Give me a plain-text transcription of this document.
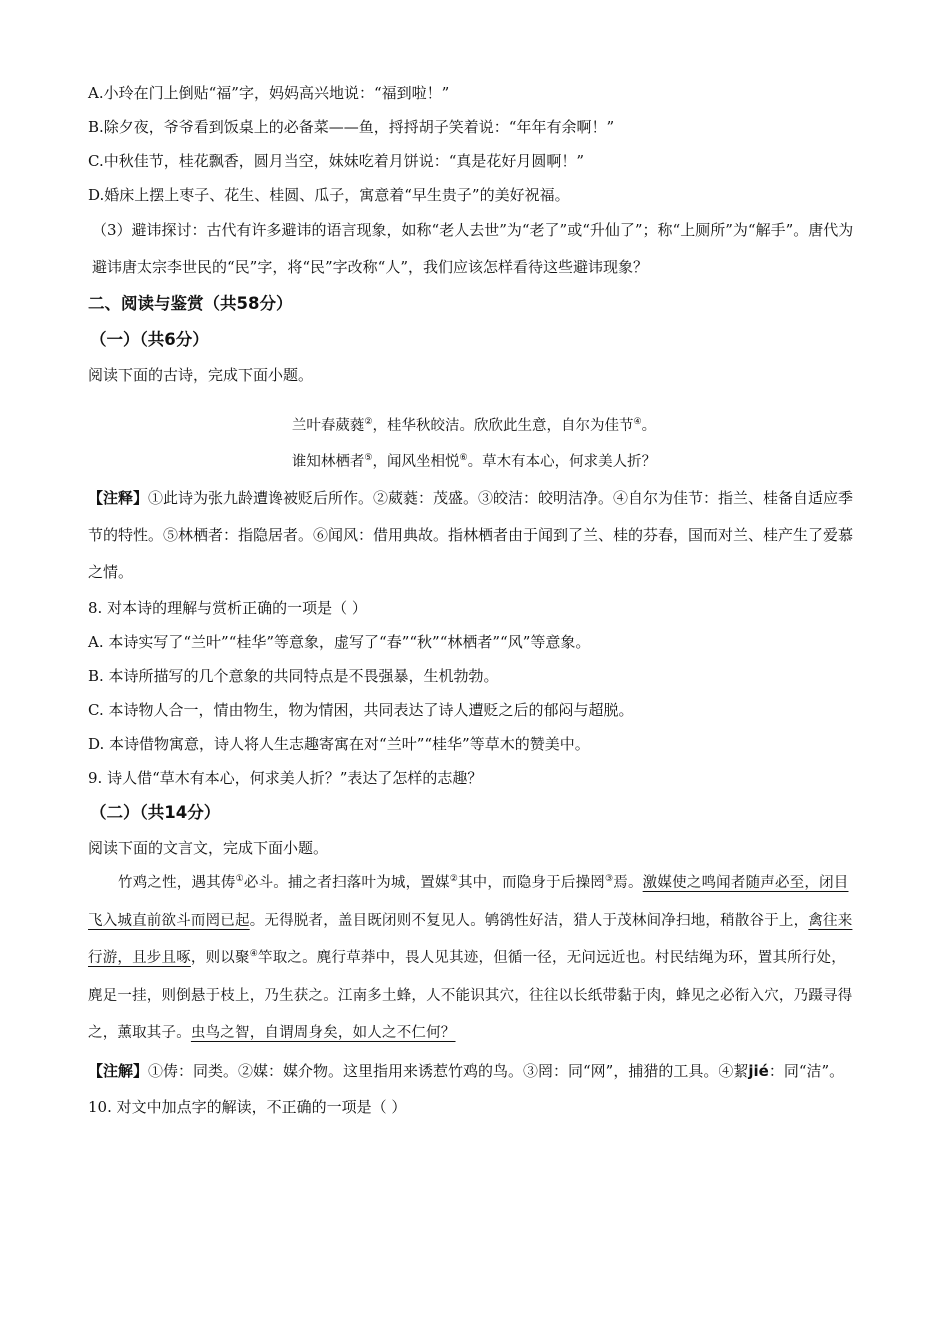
A.小玲在门上倒贴“福”字，妈妈高兴地说：“福到啦！”
B.除夕夜，爷爷看到饭桌上的必备菜——鱼，捋捋胡子笑着说：“年年有余啊！”
C.中秋佳节，桂花飘香，圆月当空，妹妹吃着月饼说：“真是花好月圆啊！”
D.婚床上摆上枣子、花生、桂圆、瓜子，寓意着“早生贵子”的美好祝福。
（3）避讳探讨：古代有许多避讳的语言现象，如称“老人去世”为“老了”或“升仙了”；称“上厕所”为“解手”。唐代为避讳唐太宗李世民的“民”字，将“民”字改称“人”，我们应该怎样看待这些避讳现象？
二、阅读与鉴赏（共58分）
（一）（共6分）
阅读下面的古诗，完成下面小题。
兰叶春葳蕤②，桂华秋皎洁。欣欣此生意，自尔为佳节④。
谁知林栖者⑤，闻风坐相悦⑥。草木有本心，何求美人折？
【注释】①此诗为张九龄遭谗被贬后所作。②葳蕤：茂盛。③皎洁：皎明洁净。④自尔为佳节：指兰、桂备自适应季节的特性。⑤林栖者：指隐居者。⑥闻风：借用典故。指林栖者由于闻到了兰、桂的芬春，国而对兰、桂产生了爱慕之情。
8. 对本诗的理解与赏析正确的一项是（ ）
A. 本诗实写了“兰叶”“桂华”等意象，虚写了“春”“秋”“林栖者”“风”等意象。
B. 本诗所描写的几个意象的共同特点是不畏强暴，生机勃勃。
C. 本诗物人合一，情由物生，物为情困，共同表达了诗人遭贬之后的郁闷与超脱。
D. 本诗借物寓意，诗人将人生志趣寄寓在对“兰叶”“桂华”等草木的赞美中。
9. 诗人借“草木有本心，何求美人折？”表达了怎样的志趣？
（二）（共14分）
阅读下面的文言文，完成下面小题。
竹鸡之性，遇其俦①必斗。捕之者扫落叶为城，置媒②其中，而隐身于后操罔③焉。激媒使之鸣闻者随声必至，闭目飞入城直前欲斗而罔已起。无得脱者，盖目既闭则不复见人。鸲鹆性好洁，猎人于茂林间净扫地，稍散谷于上，禽往来行游，且步且啄，则以聚④竿取之。麂行草莽中，畏人见其迹，但循一径，无问远近也。村民结绳为环，置其所行处，麂足一挂，则倒悬于枝上，乃生获之。江南多土蜂，人不能识其穴，往往以长纸带黏于肉，蜂见之必衔入穴，乃蹑寻得之，薰取其子。虫鸟之智，自谓周身矣，如人之不仁何？
【注解】①俦：同类。②媒：媒介物。这里指用来诱惹竹鸡的鸟。③罔：同“网”，捕猎的工具。④絜jié：同“洁”。
10. 对文中加点字的解读，不正确的一项是（ ）
